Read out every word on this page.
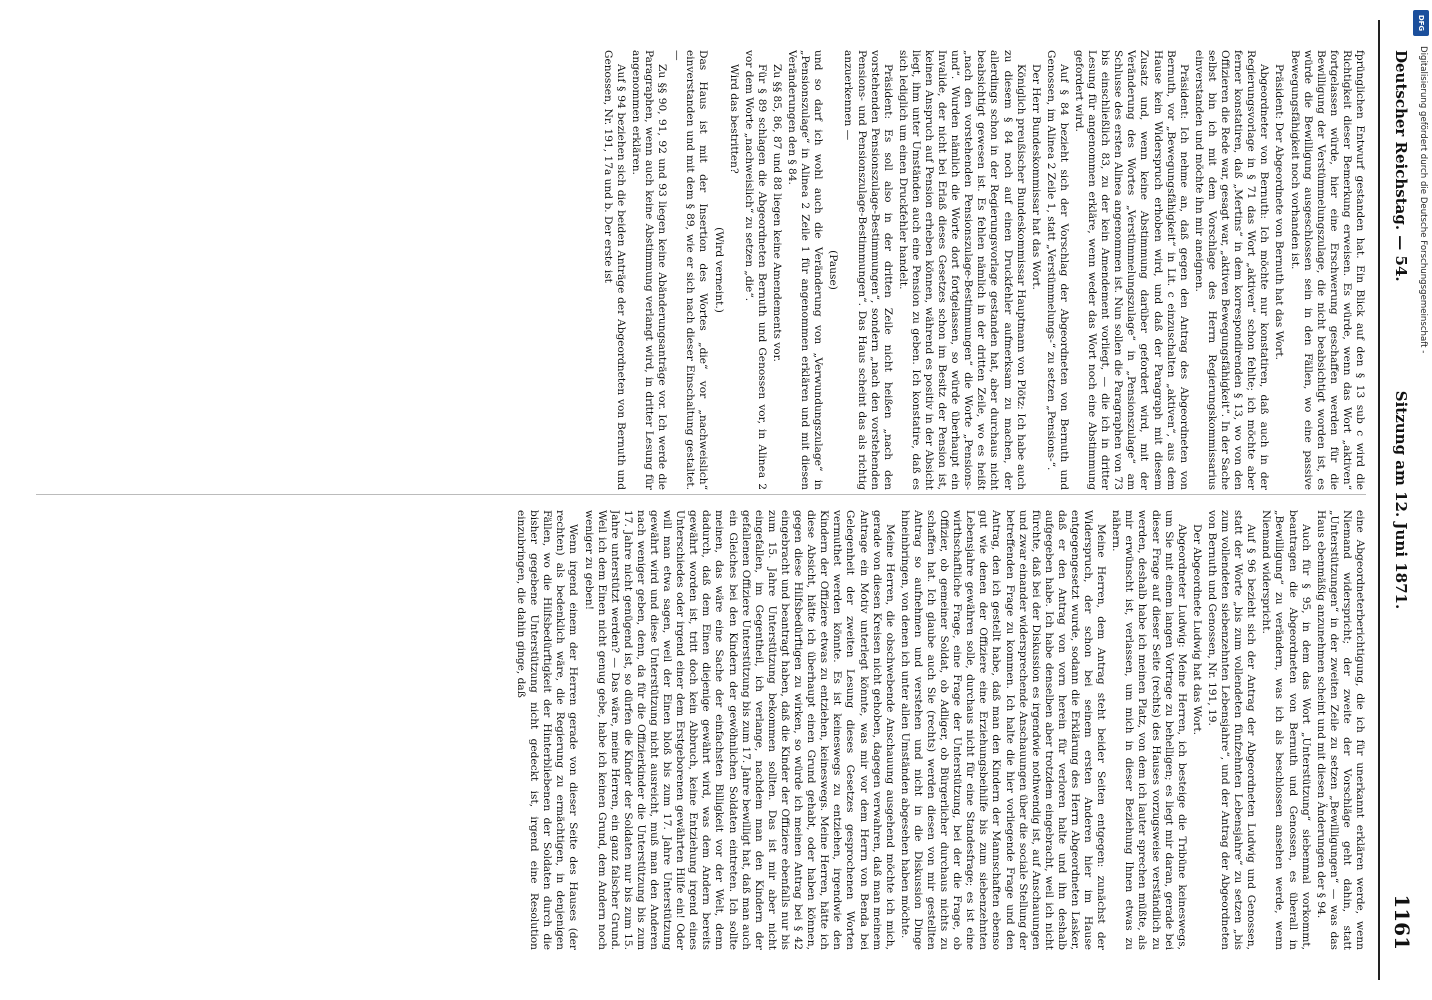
Deutscher Reichstag. — 54.
Sitzung am 12. Juni 1871.
1161

fprünglichen Entwurf gestanden hat. Ein Blick auf den § 13 sub c wird die Richtigkeit dieser Bemerkung erweisen. Es würde, wenn das Wort „aktiven“ fortgelassen würde, hier eine Erschwerung geschaffen werden für die Bewilligung der Verstümmelungszulage, die nicht beabsichtigt worden ist, es würde die Bewilligung ausgeschlossen sein in den Fällen, wo eine passive Bewegungsfähigkeit noch vorhanden ist.

Präsident: Der Abgeordnete von Bernuth hat das Wort.

Abgeordneter von Bernuth: Ich möchte nur konstatiren, daß auch in der Regierungsvorlage in § 71 das Wort „aktiven“ schon fehlte; ich möchte aber ferner konstatiren, daß „Mertins“ in dem korrespondirenden § 13, wo von den Offizieren die Rede war, gesagt war, „aktiven Bewegungsfähigkeit“. In der Sache selbst bin ich mit dem Vorschlage des Herrn Regierungskommissarius einverstanden und möchte ihn mir aneignen.

Präsident: Ich nehme an, daß gegen den Antrag des Abgeordneten von Bernuth, vor „Bewegungsfähigkeit“ in Lit. c einzuschalten „aktiven“, aus dem Hause kein Widerspruch erhoben wird, und daß der Paragraph mit diesem Zusatz und, wenn keine Abstimmung darüber gefordert wird, mit der Veränderung des Wortes „Verstümmelungszulage“ in „Pensionszulage“ am Schlusse des ersten Alinea angenommen ist. Nun sollen die Paragraphen von 73 bis einschließlich 83, zu der kein Amendement vorliegt, — die ich in dritter Lesung für angenommen erkläre, wenn weder das Wort noch eine Abstimmung gefordert wird.

Auf § 84 bezieht sich der Vorschlag der Abgeordneten von Bernuth und Genossen, im Alinea 2 Zeile 1, statt „Verstümmelungs-“ zu setzen „Pensions-“.

Der Herr Bundeskommissar hat das Wort.

Königlich preußischer Bundeskommissar Hauptmann von Plötz: Ich habe auch zu diesem § 84 noch auf einen Druckfehler aufmerksam zu machen, der allerdings schon in der Regierungsvorlage gestanden hat, aber durchaus nicht beabsichtigt gewesen ist. Es fehlen nämlich in der dritten Zeile, wo es heißt „nach den vorstehenden Pensionszulage-Bestimmungen“ die Worte „Pensions- und“. Wurden nämlich die Worte dort fortgelassen, so würde überhaupt ein Invalide, der nicht bei Erlaß dieses Gesetzes schon im Besitz der Pension ist, keinen Anspruch auf Pension erheben können, während es positiv in der Absicht liegt, ihm unter Umständen auch eine Pension zu geben. Ich konstatire, daß es sich lediglich um einen Druckfehler handelt.

Präsident: Es soll also in der dritten Zeile nicht heißen „nach den vorstehenden Pensionszulage-Bestimmungen“, sondern „nach den vorstehenden Pensions- und Pensionszulage-Bestimmungen“. Das Haus scheint das als richtig anzuerkennen —

(Pause)

und so darf ich wohl auch die Veränderung von „Verwundungszulage“ in „Pensionszulage“ in Alinea 2 Zeile 1 für angenommen erklären und mit diesen Veränderungen den § 84.

Zu §§ 85, 86, 87 und 88 liegen keine Amendements vor.

Für § 89 schlagen die Abgeordneten Bernuth und Genossen vor, in Alinea 2 vor dem Worte „nachweislich“ zu setzen „die“.

Wird das bestritten?

(Wird verneint.)

Das Haus ist mit der Insertion des Wortes „die“ vor „nachweislich“ einverstanden und mit dem § 89, wie er sich nach dieser Einschaltung gestaltet. —

Zu §§ 90, 91, 92 und 93 liegen keine Abänderungsanträge vor. Ich werde die Paragraphen, wenn auch keine Abstimmung verlangt wird, in dritter Lesung für angenommen erklären.

Auf § 94 beziehen sich die beiden Anträge der Abgeordneten von Bernuth und Genossen, Nr. 191, 17a und b. Der erste ist

eine Abgeordneterberichtigung, die ich für unerkannt erklären werde, wenn Niemand widerspricht; der zweite der Vorschläge geht dahin, statt „Unterstützungen“ in der zweiten Zeile zu setzen „Bewilligungen“ — was das Haus ebenmäßig anzunehmen scheint und mit diesen Änderungen der § 94.

Auch für § 95, in dem das Wort „Unterstützung“ siebenmal vorkommt, beantragen die Abgeordneten von Bernuth und Genossen, es überall in „Bewilligung“ zu verändern, was ich als beschlossen ansehen werde, wenn Niemand widerspricht.

Auf § 96 bezieht sich der Antrag der Abgeordneten Ludwig und Genossen, statt der Worte „bis zum vollendeten fünfzehnten Lebensjahre“ zu setzen „bis zum vollendeten siebenzehnten Lebensjahre“, und der Antrag der Abgeordneten von Bernuth und Genossen, Nr. 191, 19.

Der Abgeordnete Ludwig hat das Wort.

Abgeordneter Ludwig: Meine Herren, ich besteige die Tribüne keineswegs, um Sie mit einem langen Vortrage zu behelligen; es liegt mir daran, gerade bei dieser Frage auf dieser Seite (rechts) des Hauses vorzugsweise verständlich zu werden, deshalb habe ich meinen Platz, von dem ich lauter sprechen müßte, als mir erwünscht ist, verlassen, um mich in dieser Beziehung Ihnen etwas zu nähern.

Meine Herren, dem Antrag steht beider Seiten entgegen: zunächst der Widerspruch, der schon bei seinem ersten Anderen hier im Hause entgegengesetzt wurde, sodann die Erklärung des Herrn Abgeordneten Lasker, daß er den Antrag von vorn herein für verloren halte und ihn deshalb aufgegeben habe. Ich habe denselben aber trotzdem eingebracht, weil ich nicht fürchte, daß bei der Diskussion es irgendwie nothwendig ist, auf Anschauungen und zwar einander widersprechende Anschauungen über die sociale Stellung der betreffenden Frage zu kommen. Ich halte die hier vorliegende Frage und den Antrag, den ich gestellt habe, daß man den Kindern der Mannschaften ebenso gut wie denen der Offiziere eine Erziehungsbeihilfe bis zum siebenzehnten Lebensjahre gewähren solle, durchaus nicht für eine Standesfrage; es ist eine wirthschaftliche Frage, eine Frage der Unterstützung, bei der die Frage, ob Offizier, ob gemeiner Soldat, ob Adliger, ob Bürgerlicher durchaus nichts zu schaffen hat. Ich glaube auch Sie (rechts) werden diesen von mir gestellten Antrag so aufnehmen und verstehen und nicht in die Diskussion Dinge hineinbringen, von denen ich unter allen Umständen abgesehen haben möchte.

Meine Herren, die obschwebende Anschauung ausgehend möchte ich mich, gerade von diesen Kreisen nicht gehoben, dagegen verwahren, daß man meinem Antrage ein Motiv unterlegt könnte, was mir vor dem Herrn von Benda bei Gelegenheit der zweiten Lesung dieses Gesetzes gesprochenen Worten vermuthet werden könnte. Es ist keineswegs zu entziehen, irgendwie den Kindern der Offiziere etwas zu entziehen, keineswegs. Meine Herren, hätte ich diese Absicht, hätte ich überhaupt einen Grund gehabt, oder haben können, gegen diese Hilfsbedürftigen zu wirken, so würde ich meinen Antrag bei § 42 eingebracht und beantragt haben, daß die Kinder der Offiziere ebenfalls nur bis zum 15. Jahre Unterstützung bekommen sollten. Das ist mir aber nicht eingefallen, im Gegentheil, ich verlange, nachdem man den Kindern der gefallenen Offiziere Unterstützung bis zum 17. Jahre bewilligt hat, daß man auch ein Gleiches bei den Kindern der gewöhnlichen Soldaten eintreten. Ich sollte meinen, das wäre eine Sache der einfachsten Billigkeit vor der Welt, denn dadurch, daß dem Einen diejenige gewährt wird, was dem Andern bereits gewährt worden ist, tritt doch kein Abbruch, keine Entziehung irgend eines Unterschiedes oder irgend einer dem Erstgeborenen gewährten Hilfe ein! Oder will man etwa sagen, weil der Einen bloß bis zum 17. Jahre Unterstützung gewährt wird und diese Unterstützung nicht ausreicht, muß man den Anderen nach weniger geben, denn, da für die Offizierkinder die Unterstützung bis zum 17. Jahre nicht genügend ist, so dürfen die Kinder der Soldaten nur bis zum 15. Jahre unterstützt werden? — Das wäre, meine Herren, ein ganz falscher Grund. Weil ich dem Einen nicht genug gebe, habe ich keinen Grund, dem Andern noch weniger zu geben!

Wenn irgend einem der Herren gerade von dieser Seite des Hauses (der rechten) als bedenklich wäre, die Regierung zu ermächtigen, in denjenigen Fällen, wo die Hilfsbedürftigkeit der Hinterbliebenen der Soldaten durch die bisher gegebene Unterstützung nicht gedeckt ist, irgend eine Resolution einzubringen, die dahin ginge, daß

DFG
Digitalisierung gefördert durch die Deutsche Forschungsgemeinschaft -
